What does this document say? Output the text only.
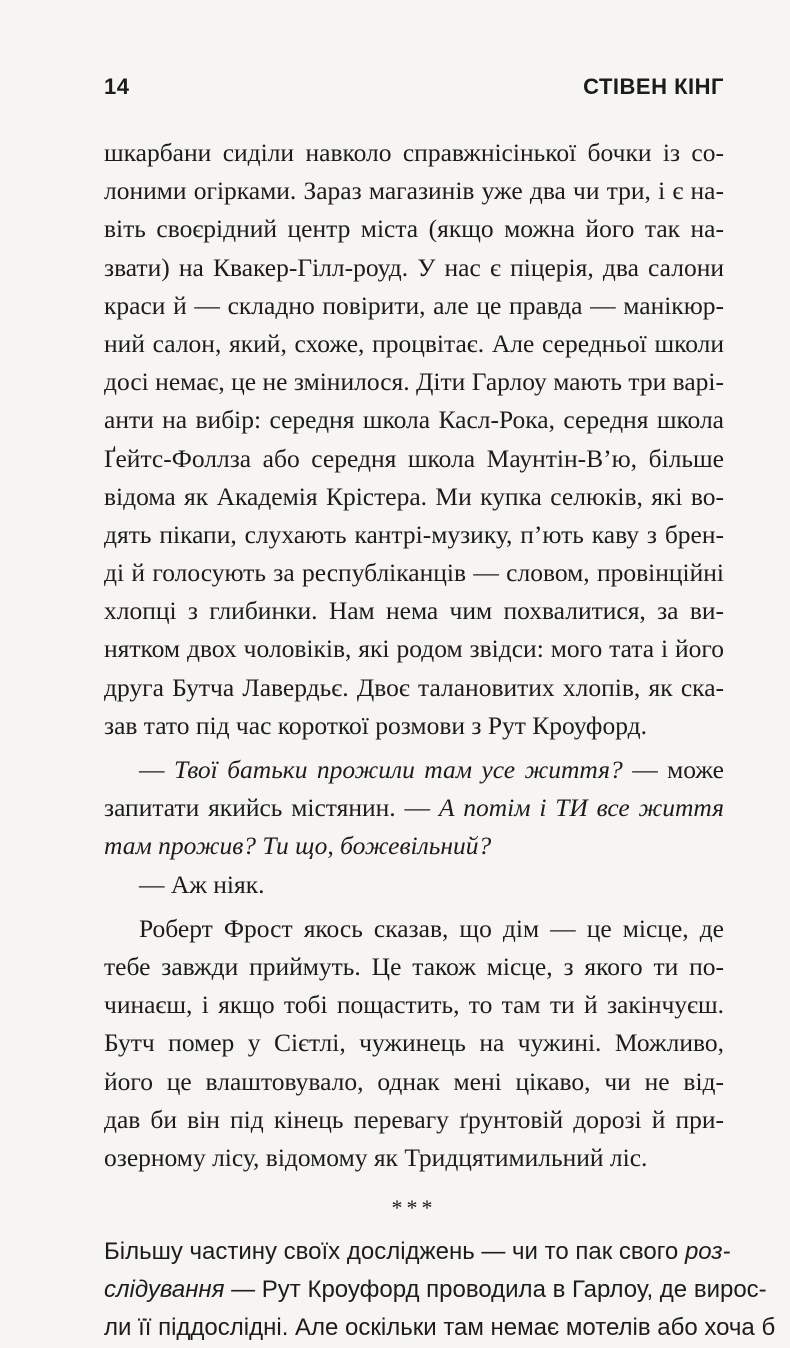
14	СТІВЕН КІНГ
шкарбани сиділи навколо справжнісінької бочки із со-
лоними огірками. Зараз магазинів уже два чи три, і є на-
віть своєрідний центр міста (якщо можна його так на-
звати) на Квакер-Гілл-роуд. У нас є піцерія, два салони
краси й — складно повірити, але це правда — манікюр-
ний салон, який, схоже, процвітає. Але середньої школи
досі немає, це не змінилося. Діти Гарлоу мають три варі-
анти на вибір: середня школа Касл-Рока, середня школа
Ґейтс-Фоллза або середня школа Маунтін-В’ю, більше
відома як Академія Крістера. Ми купка селюків, які во-
дять пікапи, слухають кантрі-музику, п’ють каву з брен-
ді й голосують за республіканців — словом, провінційні
хлопці з глибинки. Нам нема чим похвалитися, за ви-
нятком двох чоловіків, які родом звідси: мого тата і його
друга Бутча Лавердьє. Двоє талановитих хлопів, як ска-
зав тато під час короткої розмови з Рут Кроуфорд.
— Твої батьки прожили там усе життя? — може
запитати якийсь містянин. — А потім і ТИ все життя
там прожив? Ти що, божевільний?
— Аж ніяк.
Роберт Фрост якось сказав, що дім — це місце, де
тебе завжди приймуть. Це також місце, з якого ти по-
чинаєш, і якщо тобі пощастить, то там ти й закінчуєш.
Бутч помер у Сієтлі, чужинець на чужині. Можливо,
його це влаштовувало, однак мені цікаво, чи не від-
дав би він під кінець перевагу ґрунтовій дорозі й при-
озерному лісу, відомому як Тридцятимильний ліс.
***
Більшу частину своїх досліджень — чи то пак свого роз-
слідування — Рут Кроуфорд проводила в Гарлоу, де вирос-
ли її піддослідні. Але оскільки там немає мотелів або хоча б
